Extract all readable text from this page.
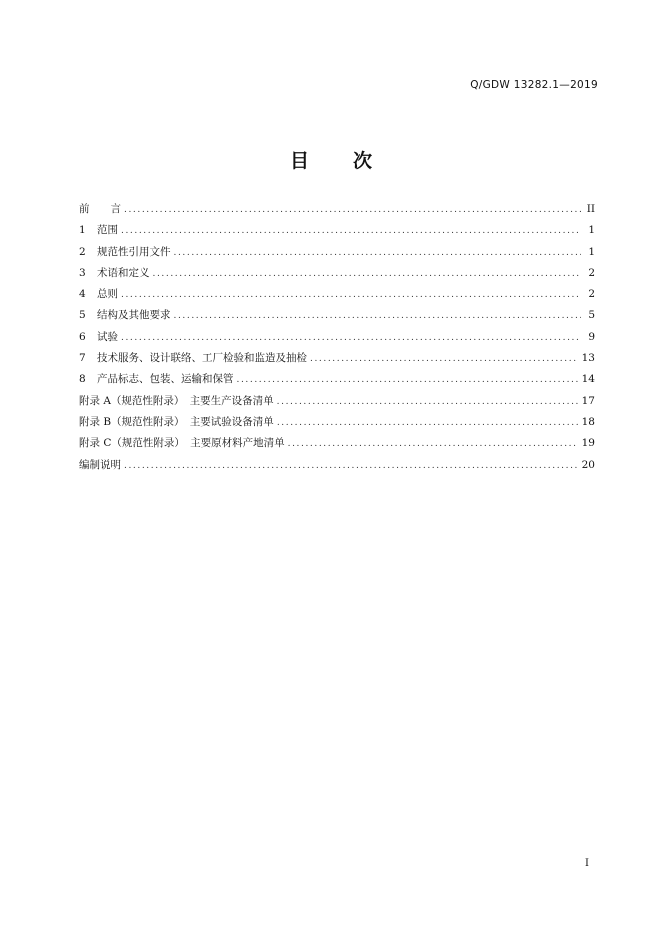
Q/GDW 13282.1—2019
目 次
前　　言 .....	II
1	范围 .....	1
2	规范性引用文件 .....	1
3	术语和定义 .....	2
4	总则 .....	2
5	结构及其他要求 .....	5
6	试验 .....	9
7	技术服务、设计联络、工厂检验和监造及抽检 .....	13
8	产品标志、包装、运输和保管 .....	14
附录 A（规范性附录）　主要生产设备清单 .....	17
附录 B（规范性附录）　主要试验设备清单 .....	18
附录 C（规范性附录）　主要原材料产地清单 .....	19
编制说明 .....	20
I
